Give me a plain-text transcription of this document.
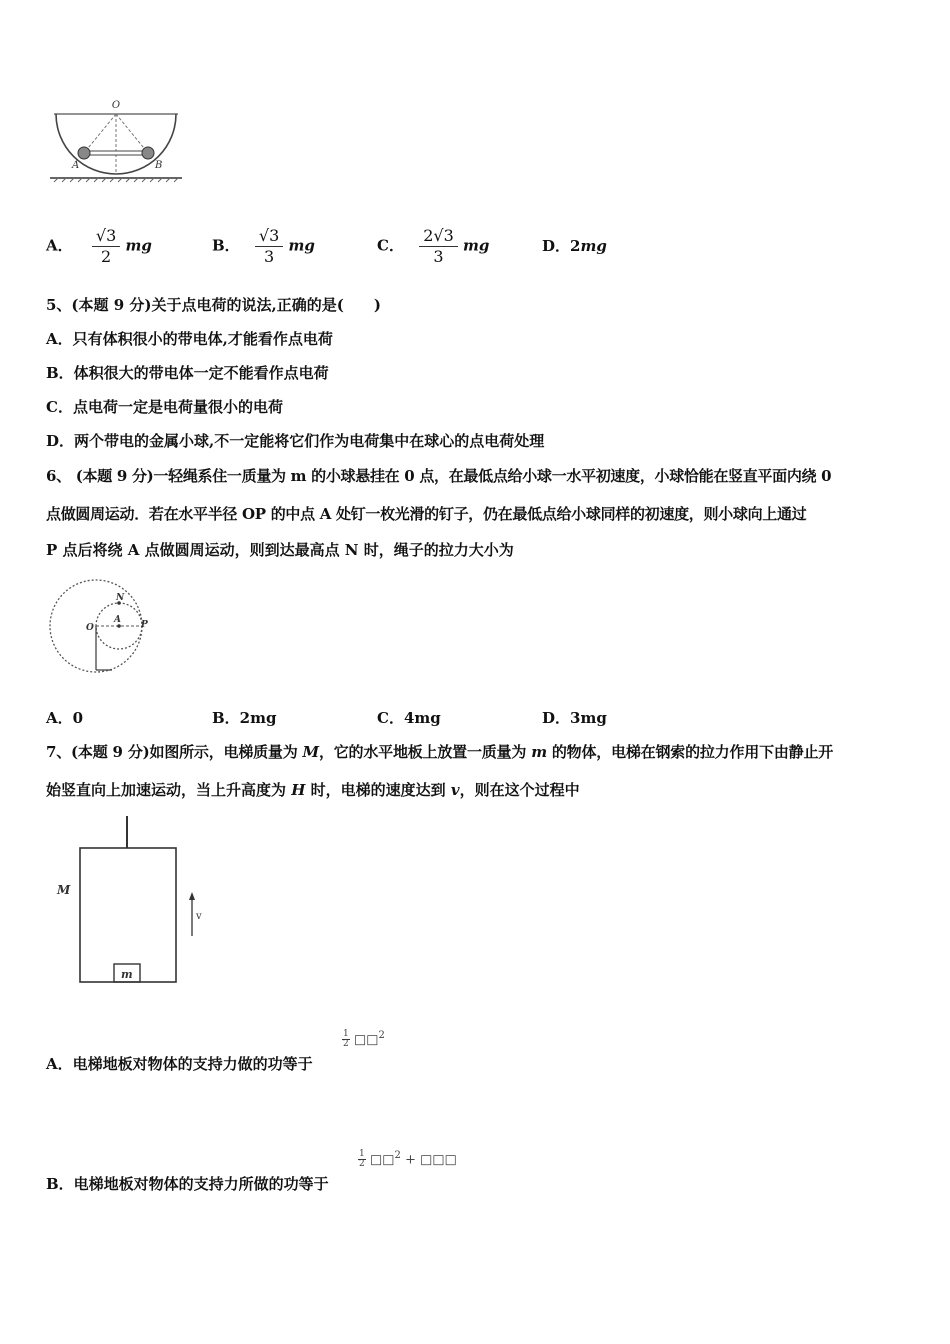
O
A	B
A． $\frac{√3}{2}$ mg	B． $\frac{√3}{3}$ mg	C． $\frac{2√3}{3}$ mg	D．2mg
5、(本题 9 分)关于点电荷的说法,正确的是(　　)
A．只有体积很小的带电体,才能看作点电荷
B．体积很大的带电体一定不能看作点电荷
C．点电荷一定是电荷量很小的电荷
D．两个带电的金属小球,不一定能将它们作为电荷集中在球心的点电荷处理
6、 (本题 9 分)一轻绳系住一质量为 m 的小球悬挂在 0 点，在最低点给小球一水平初速度，小球恰能在竖直平面内绕 0
点做圆周运动．若在水平半径 OP 的中点 A 处钉一枚光滑的钉子，仍在最低点给小球同样的初速度，则小球向上通过
P 点后将绕 A 点做圆周运动，则到达最高点 N 时，绳子的拉力大小为
O
A P
N
A．0	B．2mg	C．4mg	D．3mg
7、(本题 9 分)如图所示，电梯质量为 M，它的水平地板上放置一质量为 m 的物体，电梯在钢索的拉力作用下由静止开
始竖直向上加速运动，当上升高度为 H 时，电梯的速度达到 v，则在这个过程中
M
v
m
A．电梯地板对物体的支持力做的功等于
$\frac{1}{2}$ □□$^2$
B．电梯地板对物体的支持力所做的功等于
$\frac{1}{2}$ □□$^2$ + □□□
